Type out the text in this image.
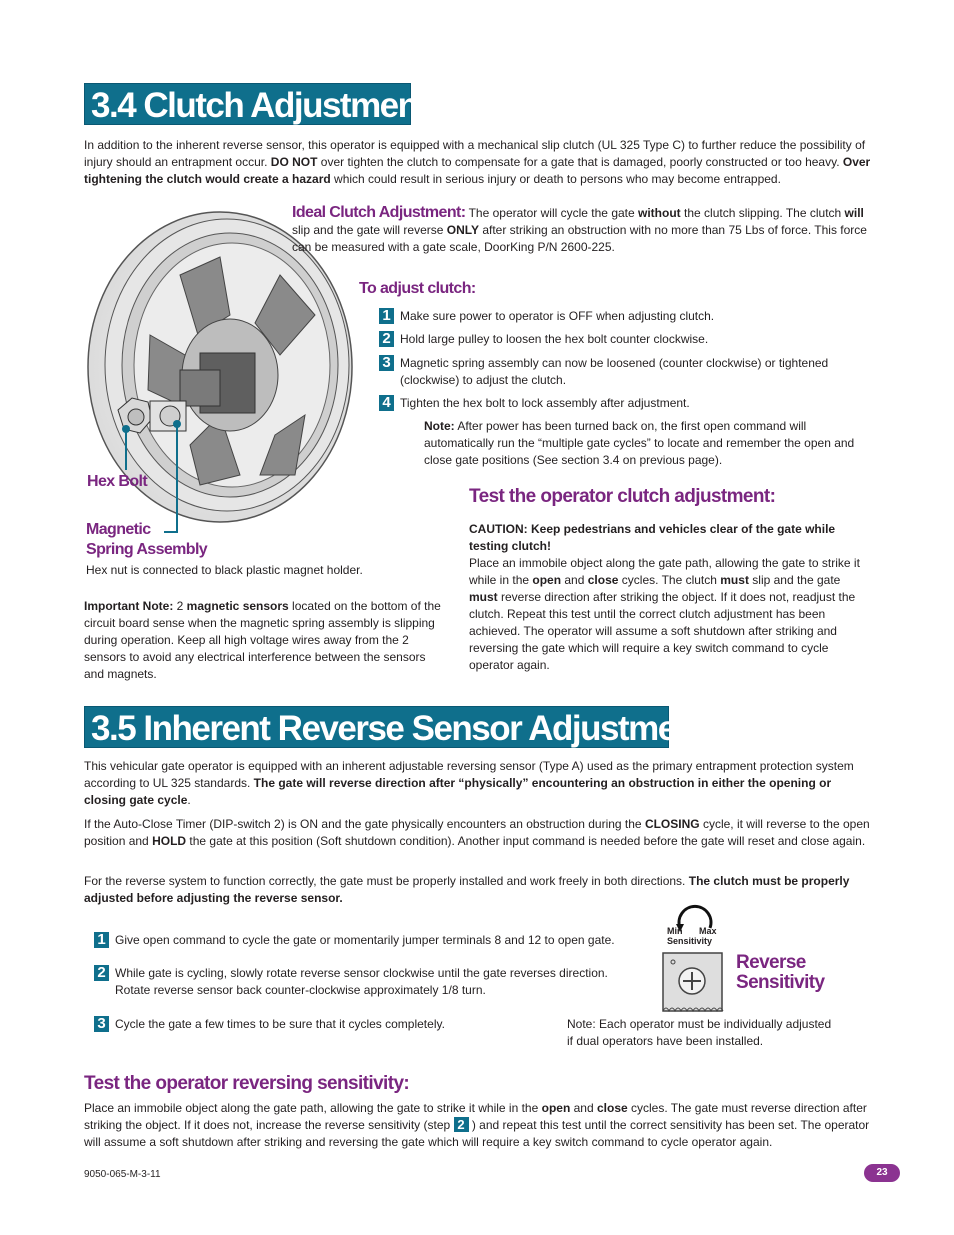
3.4 Clutch Adjustment

In addition to the inherent reverse sensor, this operator is equipped with a mechanical slip clutch (UL 325 Type C) to further reduce the possibility of injury should an entrapment occur. DO NOT over tighten the clutch to compensate for a gate that is damaged, poorly constructed or too heavy. Over tightening the clutch would create a hazard which could result in serious injury or death to persons who may become entrapped.

Hex Bolt
Magnetic
Spring Assembly

Hex nut is connected to black plastic magnet holder.

Important Note: 2 magnetic sensors located on the bottom of the circuit board sense when the magnetic spring assembly is slipping during operation. Keep all high voltage wires away from the 2 sensors to avoid any electrical interference between the sensors and magnets.

Ideal Clutch Adjustment: The operator will cycle the gate without the clutch slipping. The clutch will slip and the gate will reverse ONLY after striking an obstruction with no more than 75 Lbs of force. This force can be measured with a gate scale, DoorKing P/N 2600-225.

To adjust clutch:
1 Make sure power to operator is OFF when adjusting clutch.
2 Hold large pulley to loosen the hex bolt counter clockwise.
3 Magnetic spring assembly can now be loosened (counter clockwise) or tightened (clockwise) to adjust the clutch.
4 Tighten the hex bolt to lock assembly after adjustment.

Note: After power has been turned back on, the first open command will automatically run the “multiple gate cycles” to locate and remember the open and close gate positions (See section 3.4 on previous page).

Test the operator clutch adjustment:

CAUTION: Keep pedestrians and vehicles clear of the gate while testing clutch!

Place an immobile object along the gate path, allowing the gate to strike it while in the open and close cycles. The clutch must slip and the gate must reverse direction after striking the object. If it does not, readjust the clutch. Repeat this test until the correct clutch adjustment has been achieved. The operator will assume a soft shutdown after striking and reversing the gate which will require a key switch command to cycle operator again.

3.5 Inherent Reverse Sensor Adjustment

This vehicular gate operator is equipped with an inherent adjustable reversing sensor (Type A) used as the primary entrapment protection system according to UL 325 standards. The gate will reverse direction after “physically” encountering an obstruction in either the opening or closing gate cycle.

If the Auto-Close Timer (DIP-switch 2) is ON and the gate physically encounters an obstruction during the CLOSING cycle, it will reverse to the open position and HOLD the gate at this position (Soft shutdown condition). Another input command is needed before the gate will reset and close again.

For the reverse system to function correctly, the gate must be properly installed and work freely in both directions. The clutch must be properly adjusted before adjusting the reverse sensor.

1 Give open command to cycle the gate or momentarily jumper terminals 8 and 12 to open gate.
2 While gate is cycling, slowly rotate reverse sensor clockwise until the gate reverses direction. Rotate reverse sensor back counter-clockwise approximately 1/8 turn.
3 Cycle the gate a few times to be sure that it cycles completely.
Min Max
Sensitivity
Reverse
Sensitivity

Note: Each operator must be individually adjusted if dual operators have been installed.

Test the operator reversing sensitivity:

Place an immobile object along the gate path, allowing the gate to strike it while in the open and close cycles. The gate must reverse direction after striking the object. If it does not, increase the reverse sensitivity (step 2 ) and repeat this test until the correct sensitivity has been set. The operator will assume a soft shutdown after striking and reversing the gate which will require a key switch command to cycle operator again.

9050-065-M-3-11	23
